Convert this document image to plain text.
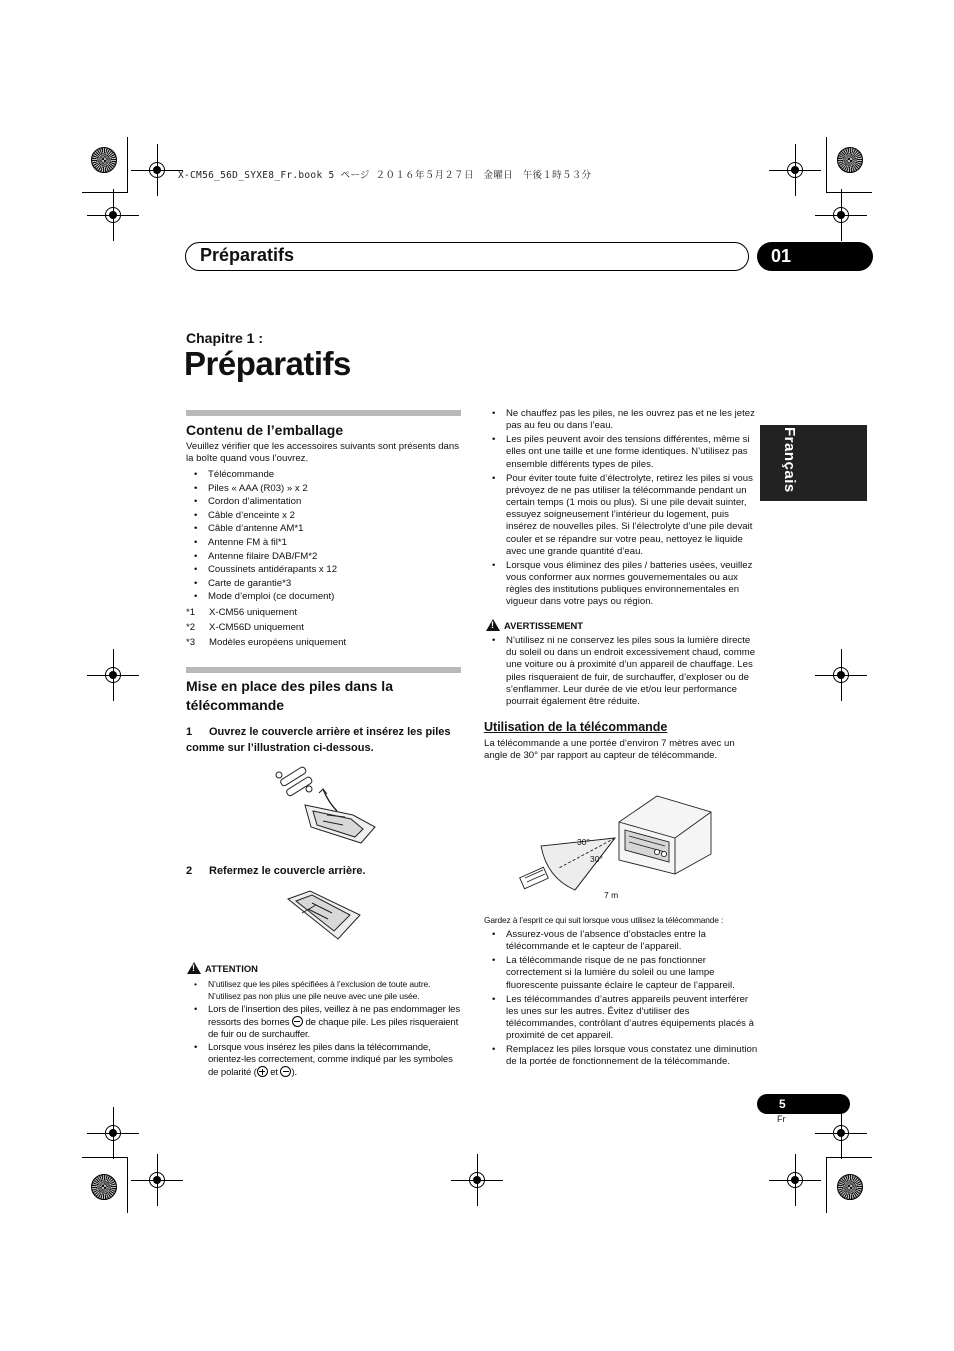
X-CM56_56D_SYXE8_Fr.book 5 ページ ２０１６年５月２７日　金曜日　午後１時５３分
Préparatifs	01
Chapitre 1 :
Préparatifs
Français
Contenu de l’emballage
Veuillez vérifier que les accessoires suivants sont présents dans la boîte quand vous l’ouvrez.
• Télécommande
• Piles « AAA (R03) » x 2
• Cordon d’alimentation
• Câble d’enceinte x 2
• Câble d’antenne AM*1
• Antenne FM à fil*1
• Antenne filaire DAB/FM*2
• Coussinets antidérapants x 12
• Carte de garantie*3
• Mode d’emploi (ce document)
*1 X-CM56 uniquement
*2 X-CM56D uniquement
*3 Modèles européens uniquement
Mise en place des piles dans la télécommande
1 Ouvrez le couvercle arrière et insérez les piles comme sur l’illustration ci-dessous.
2 Refermez le couvercle arrière.
!
ATTENTION
• N’utilisez que les piles spécifiées à l’exclusion de toute autre. N’utilisez pas non plus une pile neuve avec une pile usée.
• Lors de l’insertion des piles, veillez à ne pas endommager les ressorts des bornes de chaque pile. Les piles risqueraient de fuir ou de surchauffer.
• Lorsque vous insérez les piles dans la télécommande, orientez-les correctement, comme indiqué par les symboles de polarité ( et ).
• Ne chauffez pas les piles, ne les ouvrez pas et ne les jetez pas au feu ou dans l’eau.
• Les piles peuvent avoir des tensions différentes, même si elles ont une taille et une forme identiques. N’utilisez pas ensemble différents types de piles.
• Pour éviter toute fuite d’électrolyte, retirez les piles si vous prévoyez de ne pas utiliser la télécommande pendant un certain temps (1 mois ou plus). Si une pile devait suinter, essuyez soigneusement l’intérieur du logement, puis insérez de nouvelles piles. Si l’électrolyte d’une pile devait couler et se répandre sur votre peau, nettoyez le liquide avec une grande quantité d’eau.
• Lorsque vous éliminez des piles / batteries usées, veuillez vous conformer aux normes gouvernementales ou aux règles des institutions publiques environnementales en vigueur dans votre pays ou région.
!
AVERTISSEMENT
• N’utilisez ni ne conservez les piles sous la lumière directe du soleil ou dans un endroit excessivement chaud, comme une voiture ou à proximité d’un appareil de chauffage. Les piles risqueraient de fuir, de surchauffer, d’exploser ou de s’enflammer. Leur durée de vie et/ou leur performance pourrait également être réduite.
Utilisation de la télécommande
La télécommande a une portée d’environ 7 mètres avec un angle de 30° par rapport au capteur de télécommande.
30°
30°
7 m
Gardez à l’esprit ce qui suit lorsque vous utilisez la télécommande :
• Assurez-vous de l’absence d’obstacles entre la télécommande et le capteur de l’appareil.
• La télécommande risque de ne pas fonctionner correctement si la lumière du soleil ou une lampe fluorescente puissante éclaire le capteur de l’appareil.
• Les télécommandes d’autres appareils peuvent interférer les unes sur les autres. Évitez d’utiliser des télécommandes, contrôlant d’autres équipements placés à proximité de cet appareil.
• Remplacez les piles lorsque vous constatez une diminution de la portée de fonctionnement de la télécommande.
5
Fr
